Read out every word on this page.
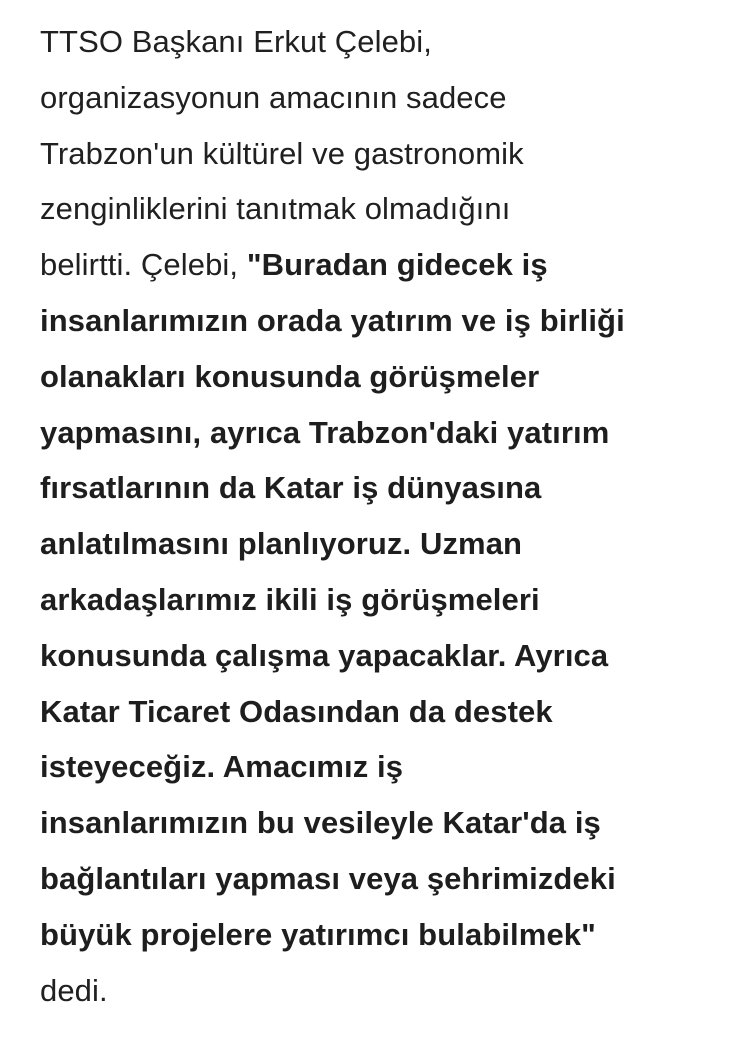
TTSO Başkanı Erkut Çelebi,
organizasyonun amacının sadece
Trabzon'un kültürel ve gastronomik
zenginliklerini tanıtmak olmadığını
belirtti. Çelebi, "Buradan gidecek iş
insanlarımızın orada yatırım ve iş birliği
olanakları konusunda görüşmeler
yapmasını, ayrıca Trabzon'daki yatırım
fırsatlarının da Katar iş dünyasına
anlatılmasını planlıyoruz. Uzman
arkadaşlarımız ikili iş görüşmeleri
konusunda çalışma yapacaklar. Ayrıca
Katar Ticaret Odasından da destek
isteyeceğiz. Amacımız iş
insanlarımızın bu vesileyle Katar'da iş
bağlantıları yapması veya şehrimizdeki
büyük projelere yatırımcı bulabilmek"
dedi.
